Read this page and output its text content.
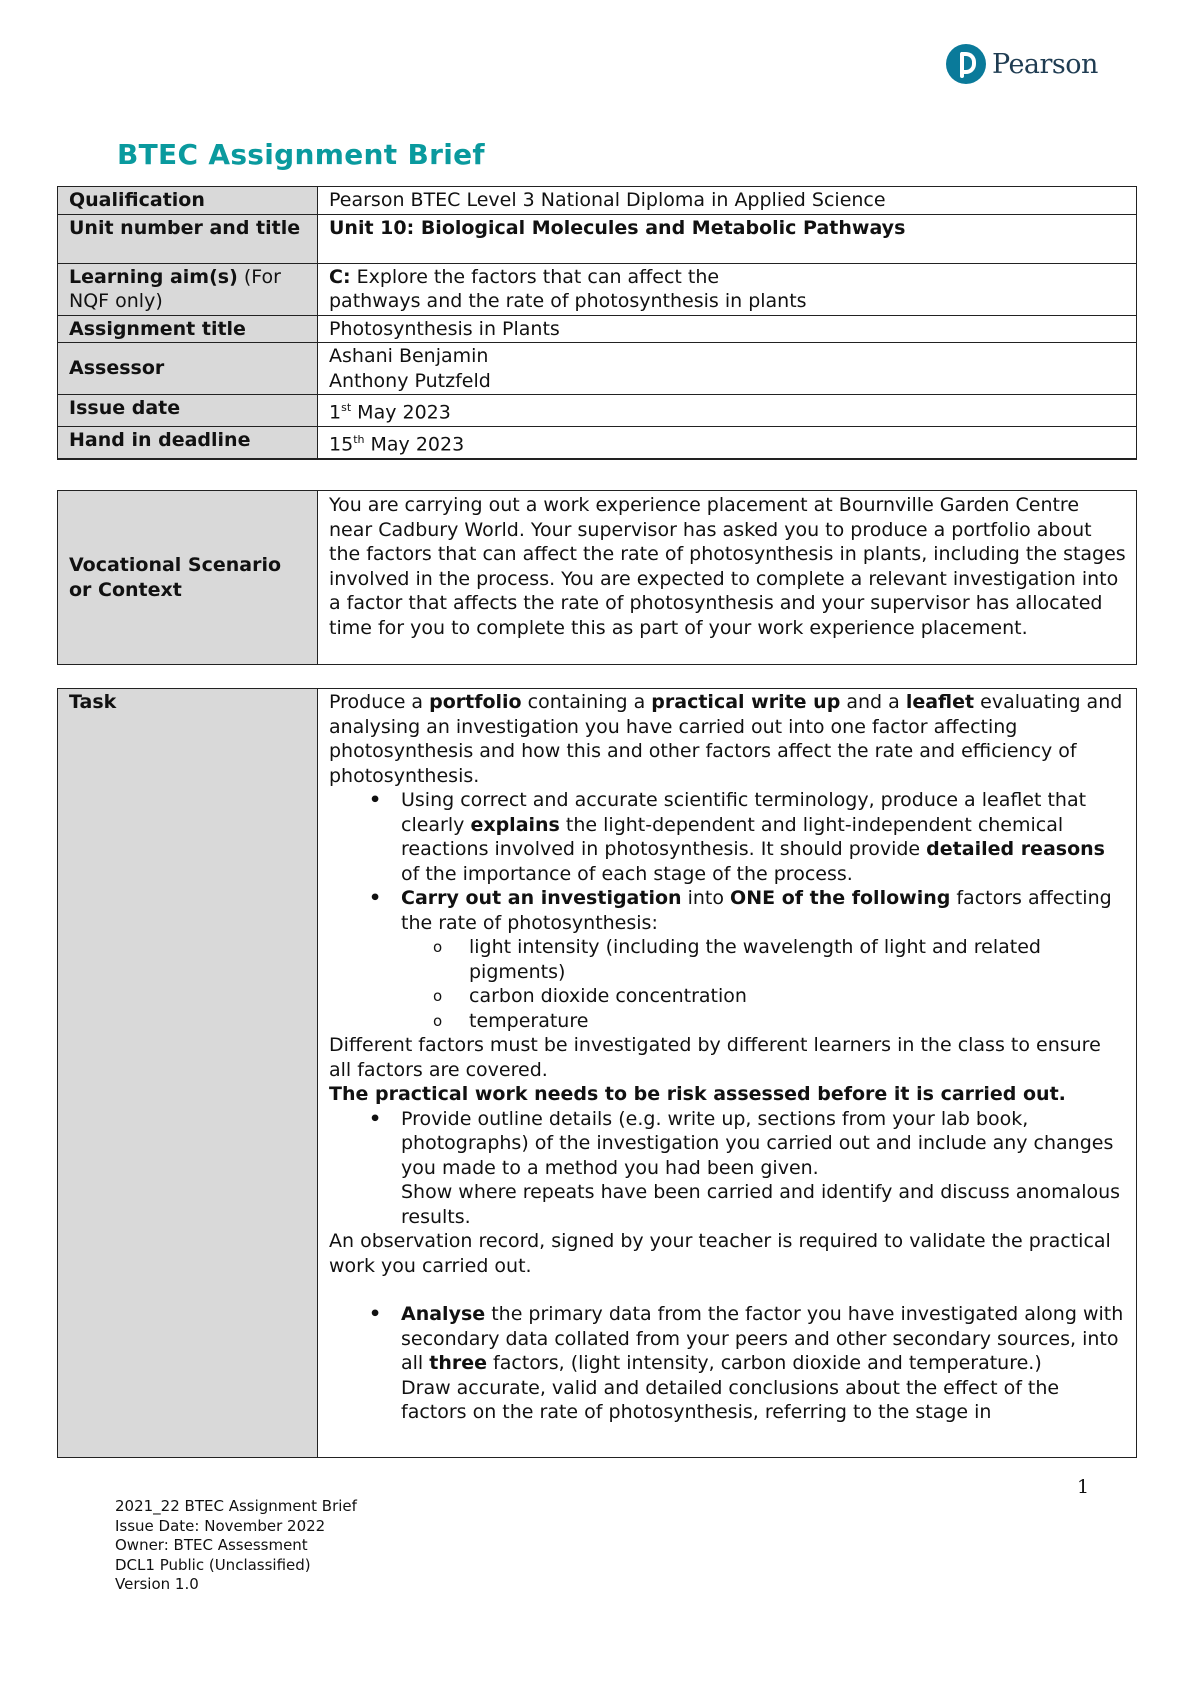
Pearson
BTEC Assignment Brief
Qualification	Pearson BTEC Level 3 National Diploma in Applied Science
Unit number and title	Unit 10: Biological Molecules and Metabolic Pathways
Learning aim(s) (For NQF only)	C: Explore the factors that can affect the
pathways and the rate of photosynthesis in plants
Assignment title	Photosynthesis in Plants
Assessor	Ashani Benjamin
Anthony Putzfeld
Issue date	1st May 2023
Hand in deadline	15th May 2023
Vocational Scenario or Context	You are carrying out a work experience placement at Bournville Garden Centre near Cadbury World. Your supervisor has asked you to produce a portfolio about the factors that can affect the rate of photosynthesis in plants, including the stages involved in the process. You are expected to complete a relevant investigation into a factor that affects the rate of photosynthesis and your supervisor has allocated time for you to complete this as part of your work experience placement.
Task	Produce a portfolio containing a practical write up and a leaflet evaluating and analysing an investigation you have carried out into one factor affecting photosynthesis and how this and other factors affect the rate and efficiency of photosynthesis.
• Using correct and accurate scientific terminology, produce a leaflet that clearly explains the light-dependent and light-independent chemical reactions involved in photosynthesis. It should provide detailed reasons of the importance of each stage of the process.
• Carry out an investigation into ONE of the following factors affecting the rate of photosynthesis:
o light intensity (including the wavelength of light and related pigments)
o carbon dioxide concentration
o temperature
Different factors must be investigated by different learners in the class to ensure all factors are covered.
The practical work needs to be risk assessed before it is carried out.
• Provide outline details (e.g. write up, sections from your lab book, photographs) of the investigation you carried out and include any changes you made to a method you had been given.
Show where repeats have been carried and identify and discuss anomalous results.
An observation record, signed by your teacher is required to validate the practical work you carried out.
• Analyse the primary data from the factor you have investigated along with secondary data collated from your peers and other secondary sources, into all three factors, (light intensity, carbon dioxide and temperature.)
Draw accurate, valid and detailed conclusions about the effect of the factors on the rate of photosynthesis, referring to the stage in
1
2021_22 BTEC Assignment Brief
Issue Date: November 2022
Owner: BTEC Assessment
DCL1 Public (Unclassified)
Version 1.0
